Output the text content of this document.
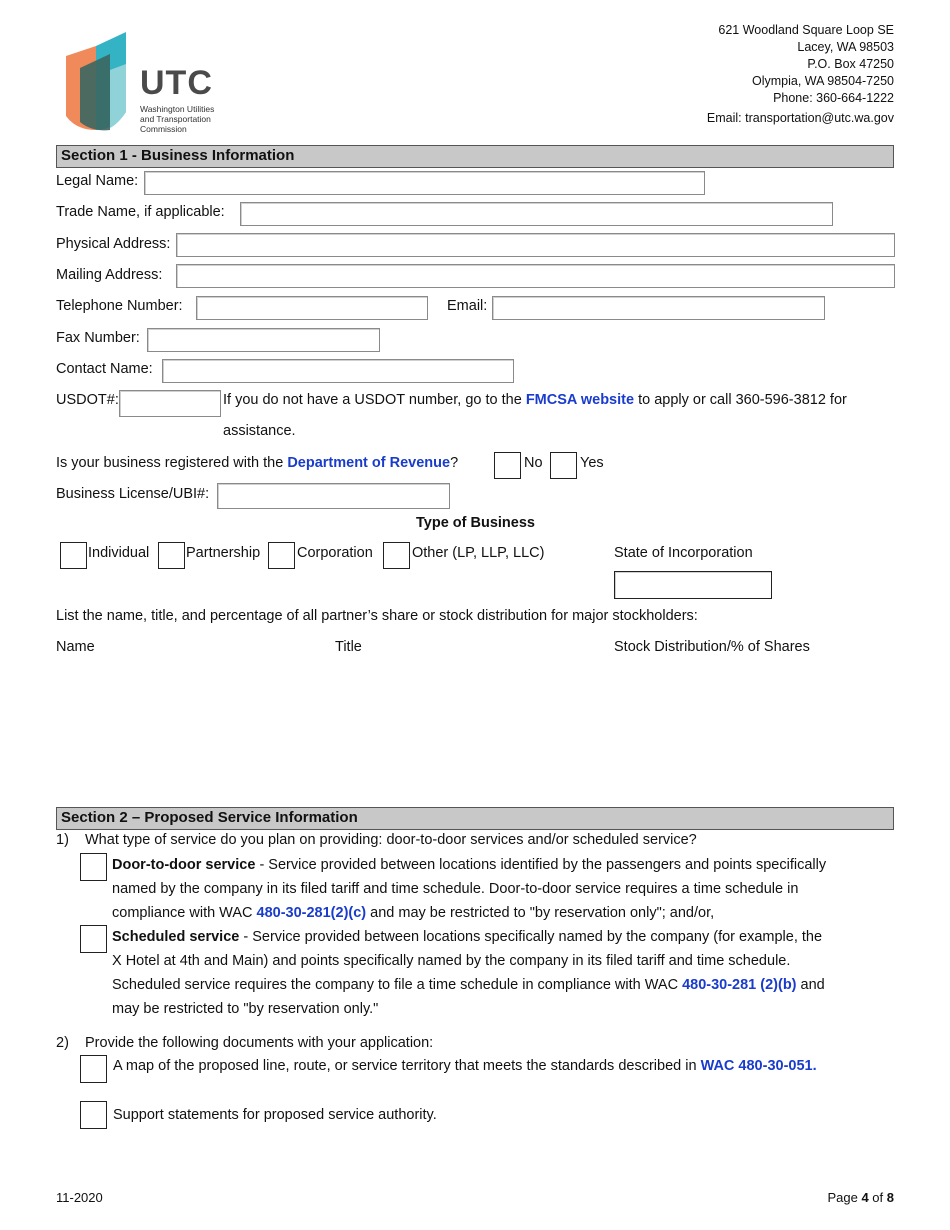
UTC
Washington Utilities
and Transportation
Commission
621 Woodland Square Loop SE
Lacey, WA 98503
P.O. Box 47250
Olympia, WA 98504-7250
Phone: 360-664-1222
Email: transportation@utc.wa.gov
Section 1 - Business Information
Legal Name:
Trade Name, if applicable:
Physical Address:
Mailing Address:
Telephone Number:	Email:
Fax Number:
Contact Name:
USDOT#:	If you do not have a USDOT number, go to the FMCSA website to apply or call 360-596-3812 for
assistance.
Is your business registered with the Department of Revenue?	No	Yes
Business License/UBI#:
Type of Business
Individual	Partnership	Corporation	Other (LP, LLP, LLC)	State of Incorporation
List the name, title, and percentage of all partner’s share or stock distribution for major stockholders:
Name	Title	Stock Distribution/% of Shares
Section 2 – Proposed Service Information
1) What type of service do you plan on providing: door-to-door services and/or scheduled service?
Door-to-door service - Service provided between locations identified by the passengers and points specifically
named by the company in its filed tariff and time schedule. Door-to-door service requires a time schedule in
compliance with WAC 480-30-281(2)(c) and may be restricted to "by reservation only"; and/or,
Scheduled service - Service provided between locations specifically named by the company (for example, the
X Hotel at 4th and Main) and points specifically named by the company in its filed tariff and time schedule.
Scheduled service requires the company to file a time schedule in compliance with WAC 480-30-281 (2)(b) and
may be restricted to "by reservation only."
2) Provide the following documents with your application:
A map of the proposed line, route, or service territory that meets the standards described in WAC 480-30-051.
Support statements for proposed service authority.
11-2020	Page 4 of 8
